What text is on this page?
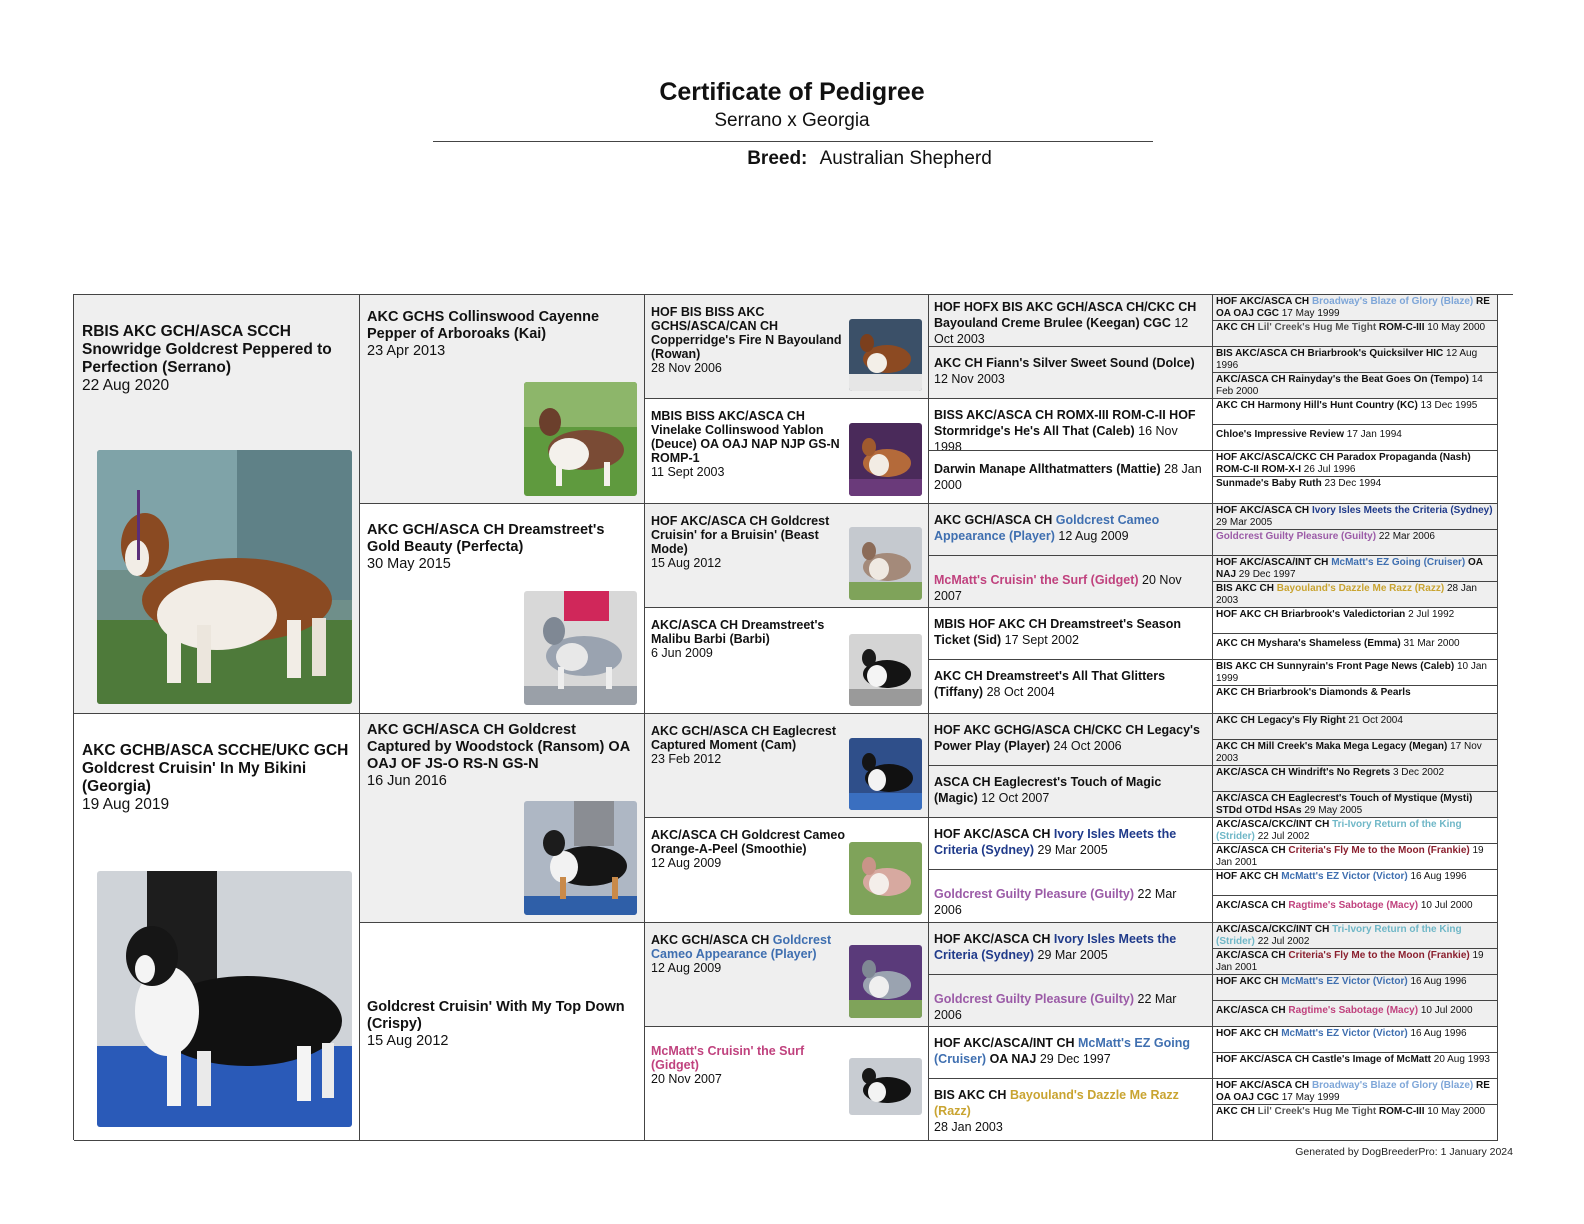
Certificate of Pedigree
Serrano x Georgia
Breed: Australian Shepherd
RBIS AKC GCH/ASCA SCCH Snowridge Goldcrest Peppered to Perfection (Serrano)
22 Aug 2020
AKC GCHB/ASCA SCCHE/UKC GCH Goldcrest Cruisin' In My Bikini (Georgia)
19 Aug 2019
AKC GCHS Collinswood Cayenne Pepper of Arboroaks (Kai)
23 Apr 2013
AKC GCH/ASCA CH Dreamstreet's Gold Beauty (Perfecta)
30 May 2015
AKC GCH/ASCA CH Goldcrest Captured by Woodstock (Ransom) OA OAJ OF JS-O RS-N GS-N
16 Jun 2016
Goldcrest Cruisin' With My Top Down (Crispy)
15 Aug 2012
HOF BIS BISS AKC GCHS/ASCA/CAN CH Copperridge's Fire N Bayouland (Rowan)
28 Nov 2006
MBIS BISS AKC/ASCA CH Vinelake Collinswood Yablon (Deuce) OA OAJ NAP NJP GS-N ROMP-1
11 Sept 2003
HOF AKC/ASCA CH Goldcrest Cruisin' for a Bruisin' (Beast Mode)
15 Aug 2012
AKC/ASCA CH Dreamstreet's Malibu Barbi (Barbi)
6 Jun 2009
AKC GCH/ASCA CH Eaglecrest Captured Moment (Cam)
23 Feb 2012
AKC/ASCA CH Goldcrest Cameo Orange-A-Peel (Smoothie)
12 Aug 2009
AKC GCH/ASCA CH Goldcrest Cameo Appearance (Player)
12 Aug 2009
McMatt's Cruisin' the Surf (Gidget)
20 Nov 2007
HOF HOFX BIS AKC GCH/ASCA CH/CKC CH Bayouland Creme Brulee (Keegan) CGC 12 Oct 2003
AKC CH Fiann's Silver Sweet Sound (Dolce) 12 Nov 2003
BISS AKC/ASCA CH ROMX-III ROM-C-II HOF Stormridge's He's All That (Caleb) 16 Nov 1998
Darwin Manape Allthatmatters (Mattie) 28 Jan 2000
AKC GCH/ASCA CH Goldcrest Cameo Appearance (Player) 12 Aug 2009
McMatt's Cruisin' the Surf (Gidget) 20 Nov 2007
MBIS HOF AKC CH Dreamstreet's Season Ticket (Sid) 17 Sept 2002
AKC CH Dreamstreet's All That Glitters (Tiffany) 28 Oct 2004
HOF AKC GCHG/ASCA CH/CKC CH Legacy's Power Play (Player) 24 Oct 2006
ASCA CH Eaglecrest's Touch of Magic (Magic) 12 Oct 2007
HOF AKC/ASCA CH Ivory Isles Meets the Criteria (Sydney) 29 Mar 2005
Goldcrest Guilty Pleasure (Guilty) 22 Mar 2006
HOF AKC/ASCA CH Ivory Isles Meets the Criteria (Sydney) 29 Mar 2005
Goldcrest Guilty Pleasure (Guilty) 22 Mar 2006
HOF AKC/ASCA/INT CH McMatt's EZ Going (Cruiser) OA NAJ 29 Dec 1997
BIS AKC CH Bayouland's Dazzle Me Razz (Razz)
28 Jan 2003
HOF AKC/ASCA CH Broadway's Blaze of Glory (Blaze) RE OA OAJ CGC 17 May 1999
AKC CH Lil' Creek's Hug Me Tight ROM-C-III 10 May 2000
BIS AKC/ASCA CH Briarbrook's Quicksilver HIC 12 Aug 1996
AKC/ASCA CH Rainyday's the Beat Goes On (Tempo) 14 Feb 2000
AKC CH Harmony Hill's Hunt Country (KC) 13 Dec 1995
Chloe's Impressive Review 17 Jan 1994
HOF AKC/ASCA/CKC CH Paradox Propaganda (Nash) ROM-C-II ROM-X-I 26 Jul 1996
Sunmade's Baby Ruth 23 Dec 1994
HOF AKC/ASCA CH Ivory Isles Meets the Criteria (Sydney) 29 Mar 2005
Goldcrest Guilty Pleasure (Guilty) 22 Mar 2006
HOF AKC/ASCA/INT CH McMatt's EZ Going (Cruiser) OA NAJ 29 Dec 1997
BIS AKC CH Bayouland's Dazzle Me Razz (Razz) 28 Jan 2003
HOF AKC CH Briarbrook's Valedictorian 2 Jul 1992
AKC CH Myshara's Shameless (Emma) 31 Mar 2000
BIS AKC CH Sunnyrain's Front Page News (Caleb) 10 Jan 1999
AKC CH Briarbrook's Diamonds & Pearls
AKC CH Legacy's Fly Right 21 Oct 2004
AKC CH Mill Creek's Maka Mega Legacy (Megan) 17 Nov 2003
AKC/ASCA CH Windrift's No Regrets 3 Dec 2002
AKC/ASCA CH Eaglecrest's Touch of Mystique (Mysti) STDd OTDd HSAs 29 May 2005
AKC/ASCA/CKC/INT CH Tri-Ivory Return of the King (Strider) 22 Jul 2002
AKC/ASCA CH Criteria's Fly Me to the Moon (Frankie) 19 Jan 2001
HOF AKC CH McMatt's EZ Victor (Victor) 16 Aug 1996
AKC/ASCA CH Ragtime's Sabotage (Macy) 10 Jul 2000
AKC/ASCA/CKC/INT CH Tri-Ivory Return of the King (Strider) 22 Jul 2002
AKC/ASCA CH Criteria's Fly Me to the Moon (Frankie) 19 Jan 2001
HOF AKC CH McMatt's EZ Victor (Victor) 16 Aug 1996
AKC/ASCA CH Ragtime's Sabotage (Macy) 10 Jul 2000
HOF AKC CH McMatt's EZ Victor (Victor) 16 Aug 1996
HOF AKC/ASCA CH Castle's Image of McMatt 20 Aug 1993
HOF AKC/ASCA CH Broadway's Blaze of Glory (Blaze) RE OA OAJ CGC 17 May 1999
AKC CH Lil' Creek's Hug Me Tight ROM-C-III 10 May 2000
Generated by DogBreederPro: 1 January 2024
